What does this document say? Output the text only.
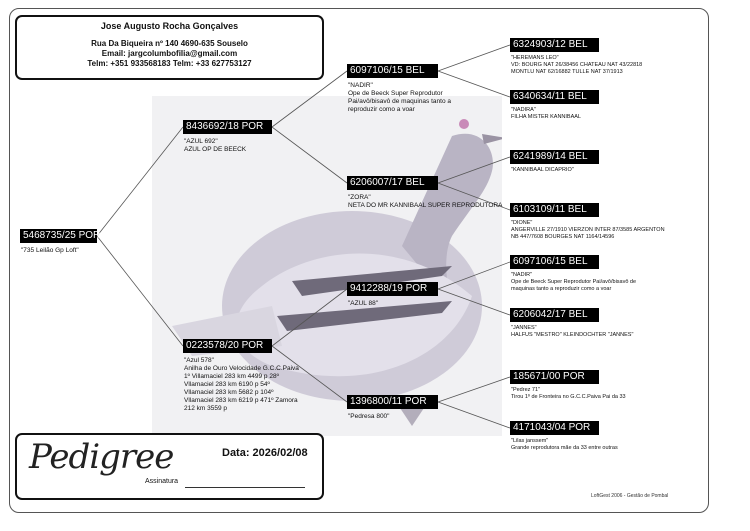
Jose Augusto Rocha Gonçalves
Rua Da Biqueira nº 140 4690-635 Souselo
Email: jargcolumbofilia@gmail.com
Telm: +351 933568183 Telm: +33 627753127
5468735/25 POR
"735 Leilão Gp Loft"
8436692/18 POR
"AZUL 692"
AZUL OP DE BEECK
0223578/20 POR
"Azul 578"
Anilha de Ouro Velocidade G.C.C.Paiva
1º Villamaciel 283 km 4499 p 28º
Vllamaciel 283 km 6190 p 54º
Vllamaciel 283 km 5682 p 104º
Vllamaciel 283 km 6219 p 471º Zamora
212 km 3559 p
6097106/15 BEL
"NADIR"
Ope de Beeck Super Reprodutor
Pai/avô/bisavô de maquinas tanto a
reproduzir como a voar
6206007/17 BEL
"ZORA"
NETA DO MR KANNIBAAL SUPER REPRODUTORA
9412288/19 POR
"AZUL 88"
1396800/11 POR
"Pedresa 800"
6324903/12 BEL
"HEREMANS LEO"
VD: BOURG NAT 26/38456 CHATEAU NAT 43/22818
MONTLU NAT 62/16882 TULLE NAT 37/1913
6340634/11 BEL
"NADIRA"
FILHA MISTER KANNIBAAL
6241989/14 BEL
"KANNIBAAL DICAPRIO"
6103109/11 BEL
"DIONE"
ANGERVILLE 27/1910 VIERZON INTER 87/3585 ARGENTON
NB 447/7608 BOURGES NAT 1164/14596
6097106/15 BEL
"NADIR"
Ope de Beeck Super Reprodutor Pai/avô/bisavô de
maquinas tanto a reproduzir como a voar
6206042/17 BEL
"JANNES"
HALFUS "MESTRO" KLEINDOCHTER "JANNES"
185671/00 POR
"Pedrez 71"
Tirou 1º de Fronteira no G.C.C.Paiva Pai da 33
4171043/04 POR
"Lilas janssem"
Grande reprodutora mãe da 33 entre outras
Pedigree	Data: 2026/02/08
Assinatura
LoftGest 2006 - Gestão de Pombal
